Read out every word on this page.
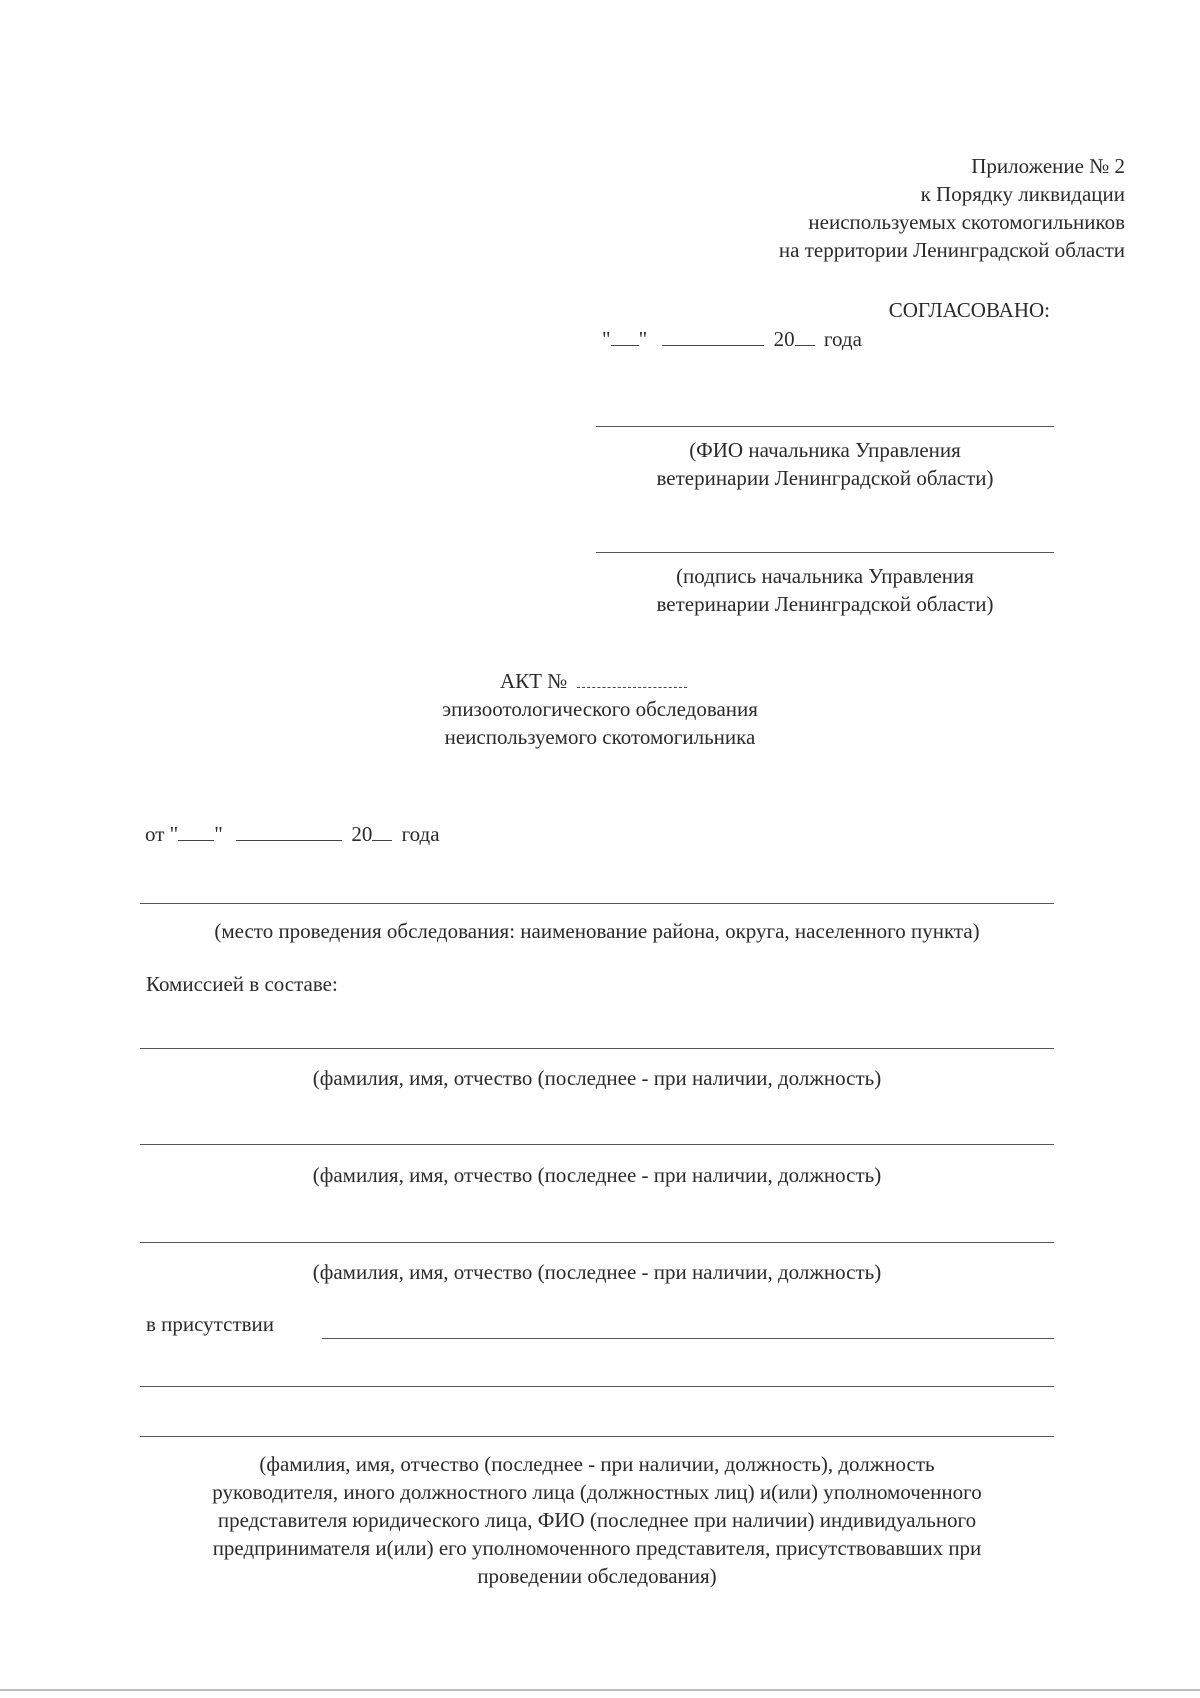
Приложение № 2
к Порядку ликвидации
неиспользуемых скотомогильников
на территории Ленинградской области
СОГЛАСОВАНО:
" "	20 года
(ФИО начальника Управления
ветеринарии Ленинградской области)
(подпись начальника Управления
ветеринарии Ленинградской области)
АКТ №
эпизоотологического обследования
неиспользуемого скотомогильника
от " "	20 года
(место проведения обследования: наименование района, округа, населенного пункта)
Комиссией в составе:
(фамилия, имя, отчество (последнее - при наличии, должность)
(фамилия, имя, отчество (последнее - при наличии, должность)
(фамилия, имя, отчество (последнее - при наличии, должность)
в присутствии
(фамилия, имя, отчество (последнее - при наличии, должность), должность
руководителя, иного должностного лица (должностных лиц) и(или) уполномоченного
представителя юридического лица, ФИО (последнее при наличии) индивидуального
предпринимателя и(или) его уполномоченного представителя, присутствовавших при
проведении обследования)
